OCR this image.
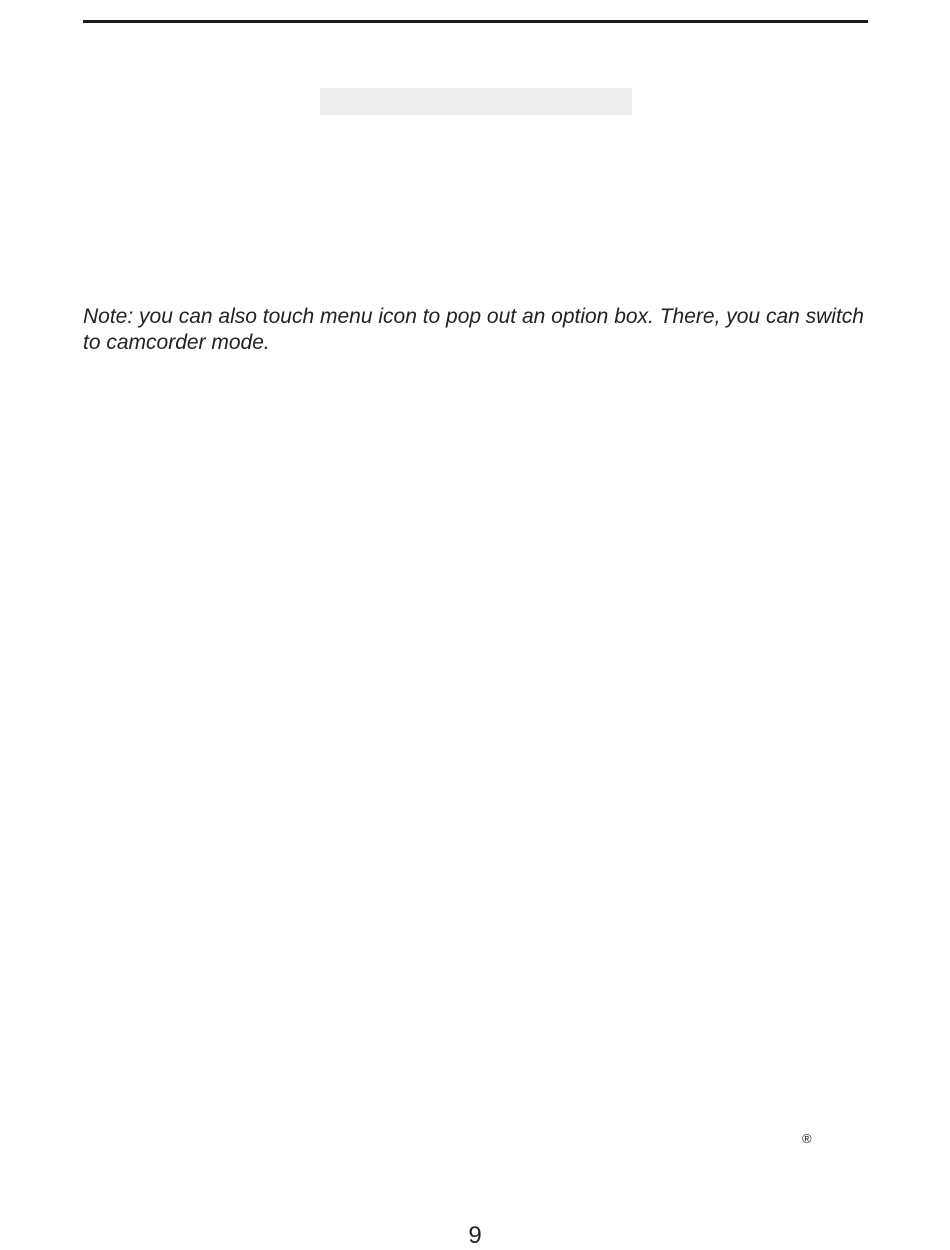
Note: you can also touch menu icon to pop out an option box. There, you can switch to camcorder mode.
®
9
